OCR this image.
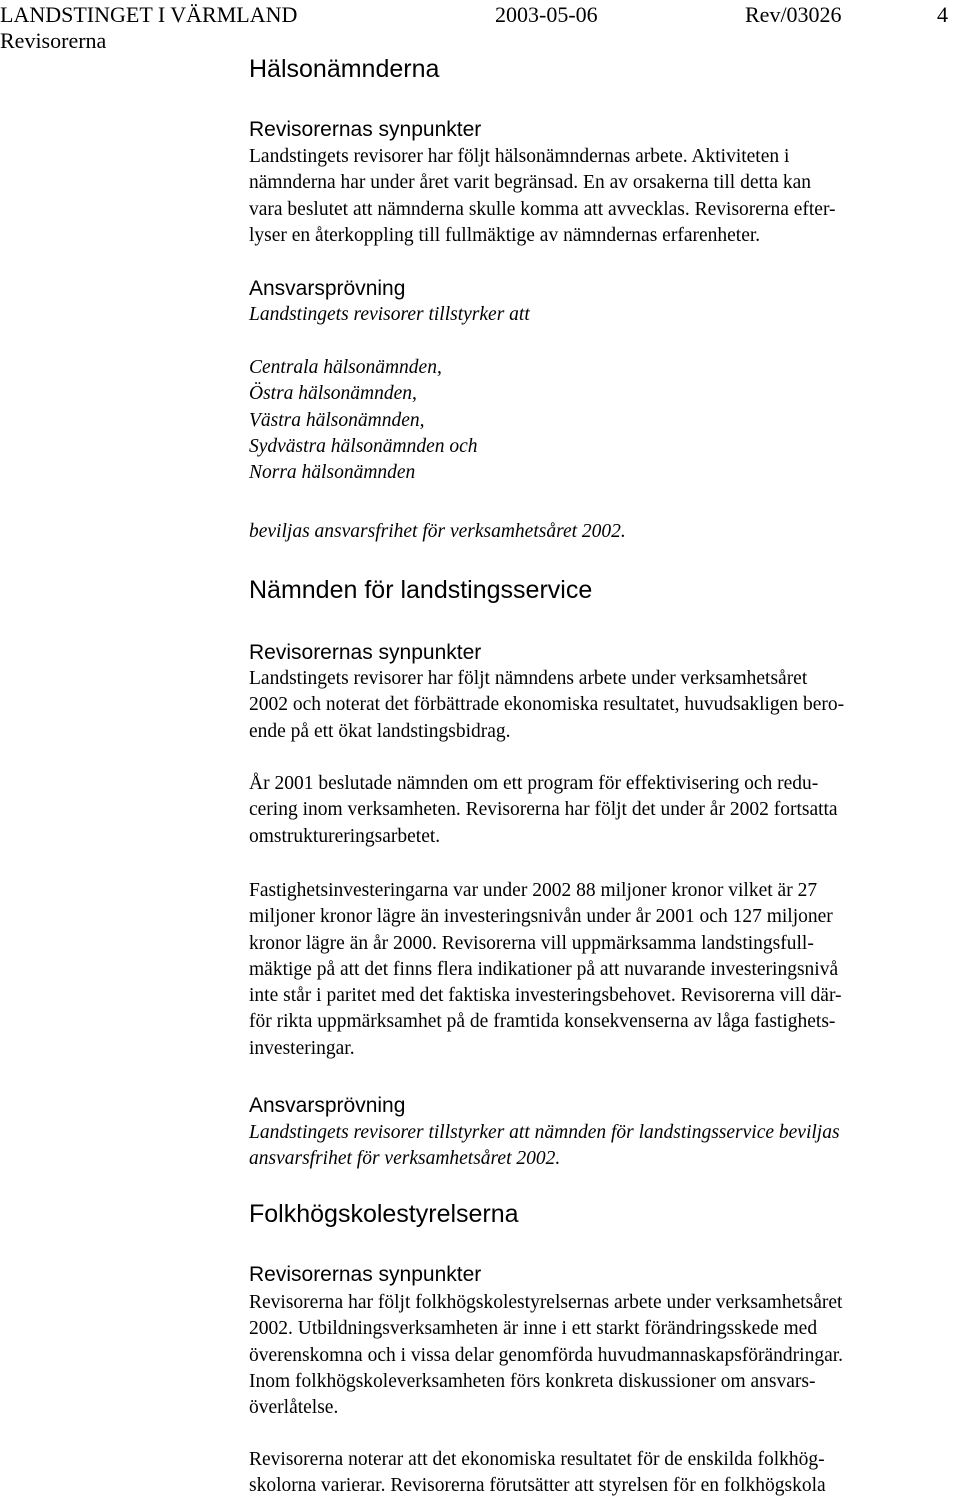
LANDSTINGET I VÄRMLAND	2003-05-06	Rev/03026	4
Revisorerna
Hälsonämnderna
Revisorernas synpunkter
Landstingets revisorer har följt hälsonämndernas arbete. Aktiviteten i
nämnderna har under året varit begränsad. En av orsakerna till detta kan
vara beslutet att nämnderna skulle komma att avvecklas. Revisorerna efter-
lyser en återkoppling till fullmäktige av nämndernas erfarenheter.
Ansvarsprövning
Landstingets revisorer tillstyrker att
Centrala hälsonämnden,
Östra hälsonämnden,
Västra hälsonämnden,
Sydvästra hälsonämnden och
Norra hälsonämnden
beviljas ansvarsfrihet för verksamhetsåret 2002.
Nämnden för landstingsservice
Revisorernas synpunkter
Landstingets revisorer har följt nämndens arbete under verksamhetsåret
2002 och noterat det förbättrade ekonomiska resultatet, huvudsakligen bero-
ende på ett ökat landstingsbidrag.
År 2001 beslutade nämnden om ett program för effektivisering och redu-
cering inom verksamheten. Revisorerna har följt det under år 2002 fortsatta
omstruktureringsarbetet.
Fastighetsinvesteringarna var under 2002 88 miljoner kronor vilket är 27
miljoner kronor lägre än investeringsnivån under år 2001 och 127 miljoner
kronor lägre än år 2000. Revisorerna vill uppmärksamma landstingsfull-
mäktige på att det finns flera indikationer på att nuvarande investeringsnivå
inte står i paritet med det faktiska investeringsbehovet. Revisorerna vill där-
för rikta uppmärksamhet på de framtida konsekvenserna av låga fastighets-
investeringar.
Ansvarsprövning
Landstingets revisorer tillstyrker att nämnden för landstingsservice beviljas
ansvarsfrihet för verksamhetsåret 2002.
Folkhögskolestyrelserna
Revisorernas synpunkter
Revisorerna har följt folkhögskolestyrelsernas arbete under verksamhetsåret
2002. Utbildningsverksamheten är inne i ett starkt förändringsskede med
överenskomna och i vissa delar genomförda huvudmannaskapsförändringar.
Inom folkhögskoleverksamheten förs konkreta diskussioner om ansvars-
överlåtelse.
Revisorerna noterar att det ekonomiska resultatet för de enskilda folkhög-
skolorna varierar. Revisorerna förutsätter att styrelsen för en folkhögskola
